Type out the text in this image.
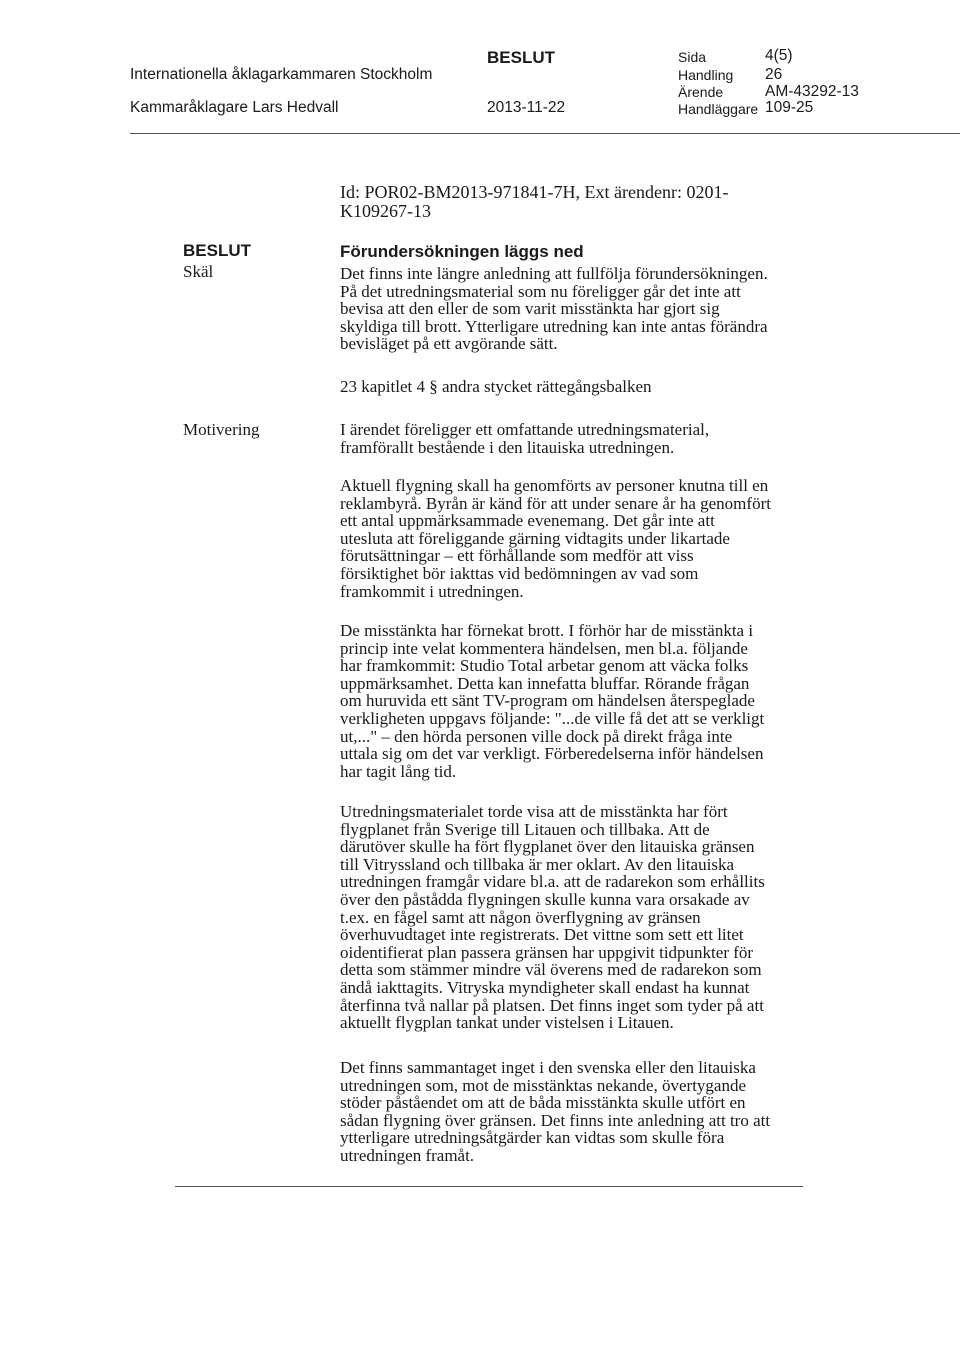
Internationella åklagarkammaren Stockholm
Kammaråklagare Lars Hedvall
BESLUT
2013-11-22
Sida
Handling
Ärende
Handläggare
4(5)
26
AM-43292-13
109-25
Id: POR02-BM2013-971841-7H, Ext ärendenr: 0201-
K109267-13
BESLUT
Skäl
Motivering
Förundersökningen läggs ned
Det finns inte längre anledning att fullfölja förundersökningen.
På det utredningsmaterial som nu föreligger går det inte att
bevisa att den eller de som varit misstänkta har gjort sig
skyldiga till brott. Ytterligare utredning kan inte antas förändra
bevisläget på ett avgörande sätt.
23 kapitlet 4 § andra stycket rättegångsbalken
I ärendet föreligger ett omfattande utredningsmaterial,
framförallt bestående i den litauiska utredningen.
Aktuell flygning skall ha genomförts av personer knutna till en
reklambyrå. Byrån är känd för att under senare år ha genomfört
ett antal uppmärksammade evenemang. Det går inte att
utesluta att föreliggande gärning vidtagits under likartade
förutsättningar – ett förhållande som medför att viss
försiktighet bör iakttas vid bedömningen av vad som
framkommit i utredningen.
De misstänkta har förnekat brott. I förhör har de misstänkta i
princip inte velat kommentera händelsen, men bl.a. följande
har framkommit: Studio Total arbetar genom att väcka folks
uppmärksamhet. Detta kan innefatta bluffar. Rörande frågan
om huruvida ett sänt TV-program om händelsen återspeglade
verkligheten uppgavs följande: "...de ville få det att se verkligt
ut,..." – den hörda personen ville dock på direkt fråga inte
uttala sig om det var verkligt. Förberedelserna inför händelsen
har tagit lång tid.
Utredningsmaterialet torde visa att de misstänkta har fört
flygplanet från Sverige till Litauen och tillbaka. Att de
därutöver skulle ha fört flygplanet över den litauiska gränsen
till Vitryssland och tillbaka är mer oklart. Av den litauiska
utredningen framgår vidare bl.a. att de radarekon som erhållits
över den påstådda flygningen skulle kunna vara orsakade av
t.ex. en fågel samt att någon överflygning av gränsen
överhuvudtaget inte registrerats. Det vittne som sett ett litet
oidentifierat plan passera gränsen har uppgivit tidpunkter för
detta som stämmer mindre väl överens med de radarekon som
ändå iakttagits. Vitryska myndigheter skall endast ha kunnat
återfinna två nallar på platsen. Det finns inget som tyder på att
aktuellt flygplan tankat under vistelsen i Litauen.
Det finns sammantaget inget i den svenska eller den litauiska
utredningen som, mot de misstänktas nekande, övertygande
stöder påståendet om att de båda misstänkta skulle utfört en
sådan flygning över gränsen. Det finns inte anledning att tro att
ytterligare utredningsåtgärder kan vidtas som skulle föra
utredningen framåt.
